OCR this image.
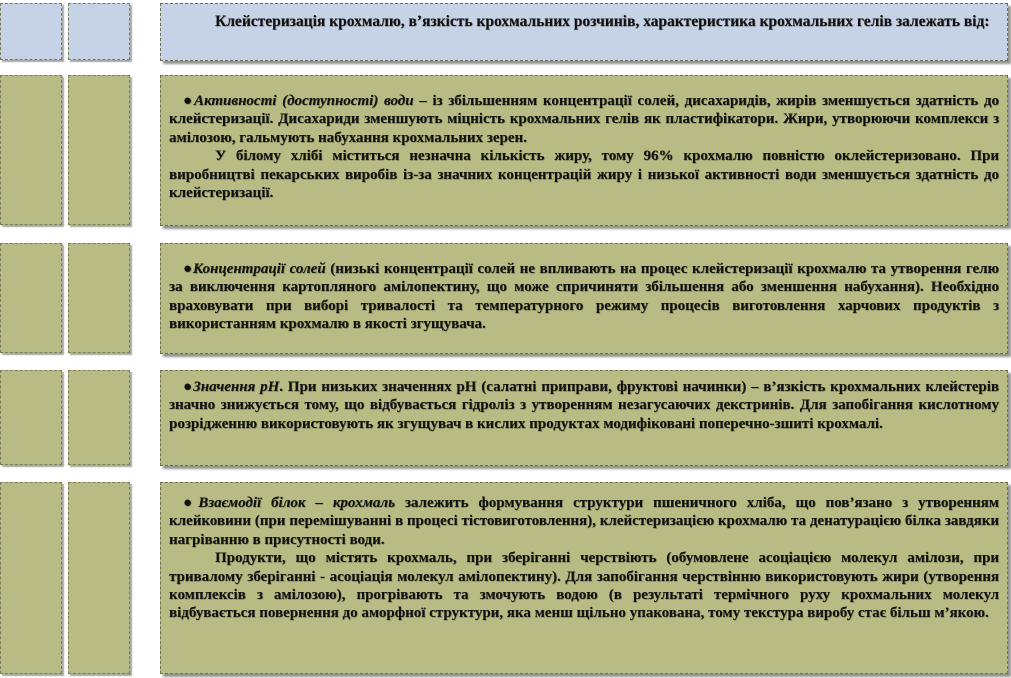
Клейстеризація крохмалю, в’язкість крохмальних розчинів, характеристика крохмальних гелів залежать від:

●Активності (доступності) води – із збільшенням концентрації солей, дисахаридів, жирів зменшується здатність до клейстеризації. Дисахариди зменшують міцність крохмальних гелів як пластифікатори. Жири, утворюючи комплекси з амілозою, гальмують набухання крохмальних зерен.

У білому хлібі міститься незначна кількість жиру, тому 96% крохмалю повністю оклейстеризовано. При виробництві пекарських виробів із-за значних концентрацій жиру і низької активності води зменшується здатність до клейстеризації.

●Концентрації солей (низькі концентрації солей не впливають на процес клейстеризації крохмалю та утворення гелю за виключення картопляного амілопектину, що може спричиняти збільшення або зменшення набухання). Необхідно враховувати при виборі тривалості та температурного режиму процесів виготовлення харчових продуктів з використанням крохмалю в якості згущувача.

●Значення рН. При низьких значеннях рН (салатні приправи, фруктові начинки) – в’язкість крохмальних клейстерів значно знижується тому, що відбувається гідроліз з утворенням незагусаючих декстринів. Для запобігання кислотному розрідженню використовують як згущувач в кислих продуктах модифіковані поперечно-зшиті крохмалі.

●Взаємодії білок – крохмаль залежить формування структури пшеничного хліба, що пов’язано з утворенням клейковини (при перемішуванні в процесі тістовиготовлення), клейстеризацією крохмалю та денатурацією білка завдяки нагріванню в присутності води.

Продукти, що містять крохмаль, при зберіганні черствіють (обумовлене асоціацією молекул амілози, при тривалому зберіганні - асоціація молекул амілопектину). Для запобігання черствінню використовують жири (утворення комплексів з амілозою), прогрівають та змочують водою (в результаті термічного руху крохмальних молекул відбувається повернення до аморфної структури, яка менш щільно упакована, тому текстура виробу стає більш м’якою.
